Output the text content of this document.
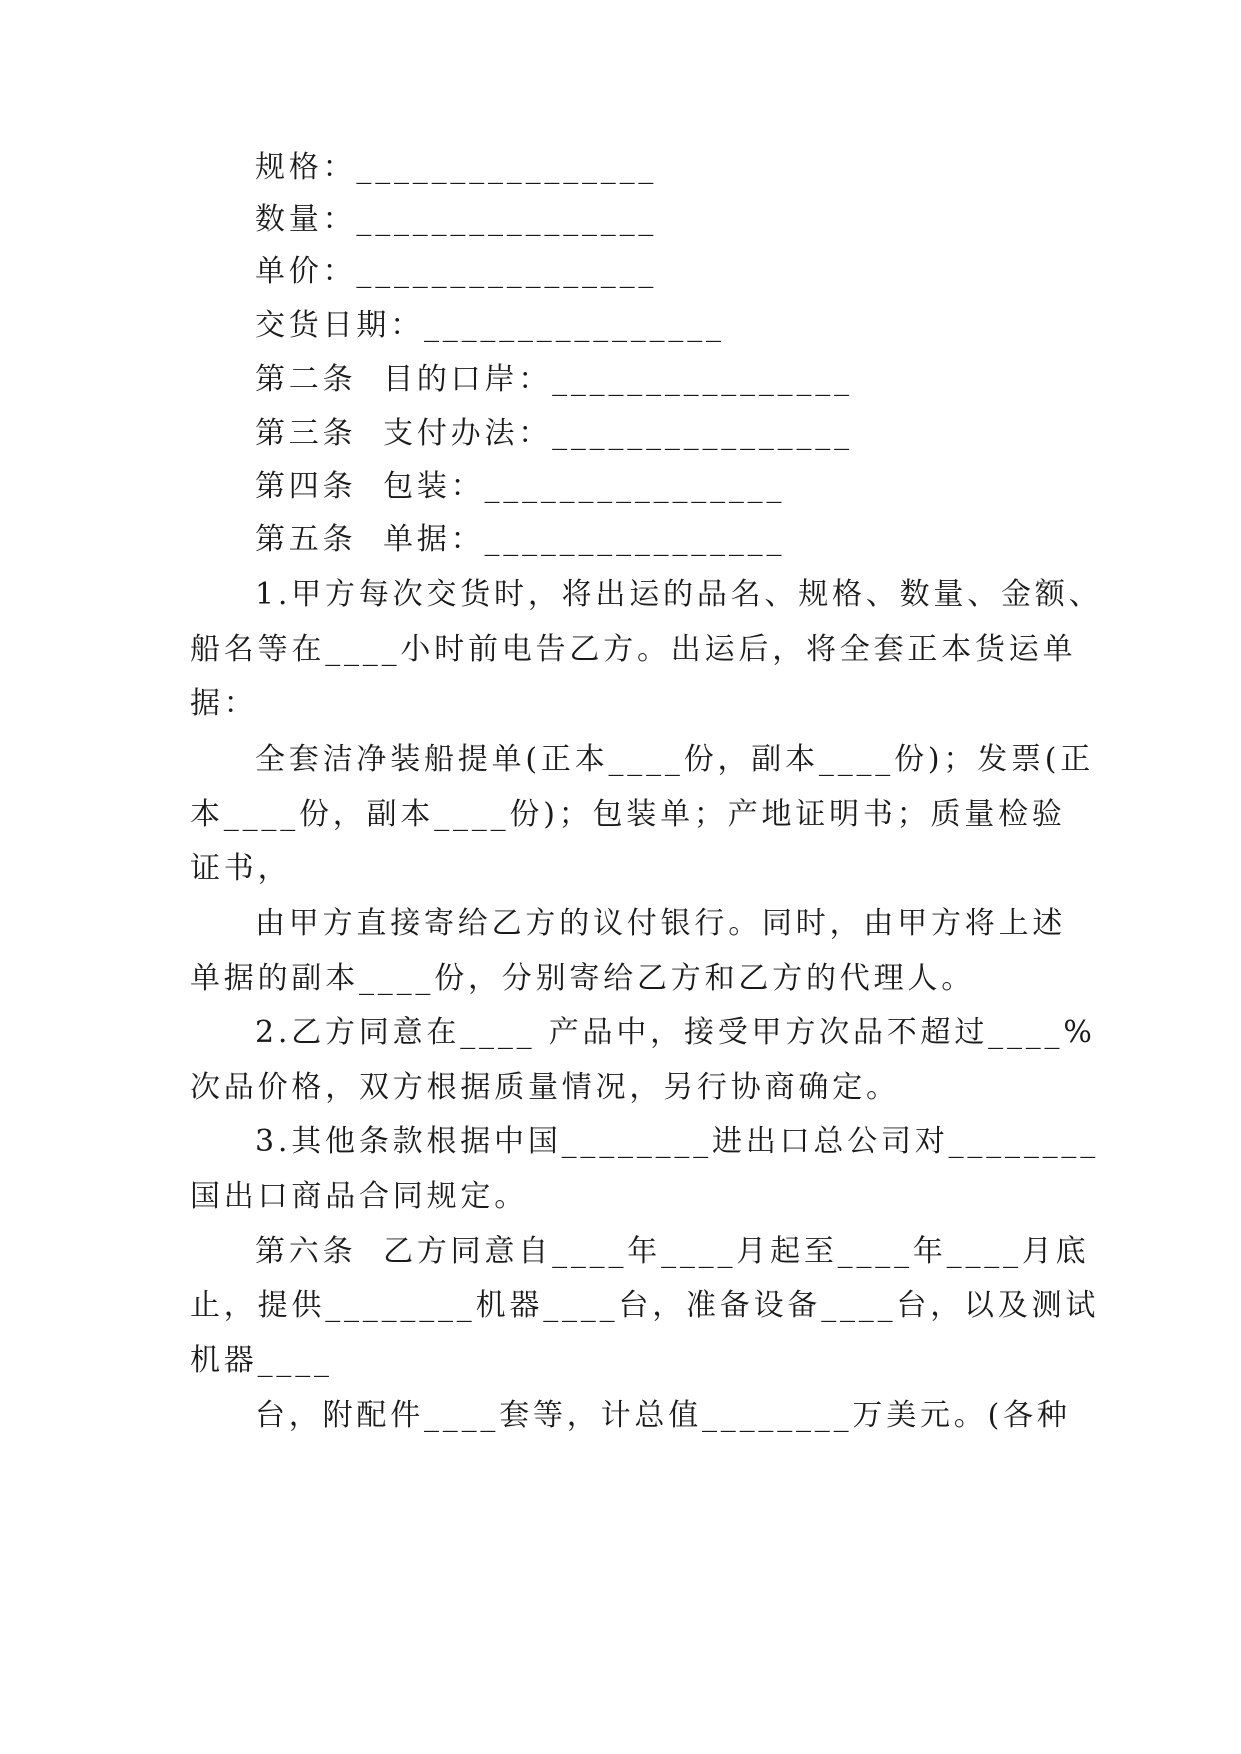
规格：________________
数量：________________
单价：________________
交货日期：________________
第二条  目的口岸：________________
第三条  支付办法：________________
第四条  包装：________________
第五条  单据：________________
1.甲方每次交货时，将出运的品名、规格、数量、金额、
船名等在____小时前电告乙方。出运后，将全套正本货运单
据：
全套洁净装船提单(正本____份，副本____份)；发票(正
本____份，副本____份)；包装单；产地证明书；质量检验
证书，
由甲方直接寄给乙方的议付银行。同时，由甲方将上述
单据的副本____份，分别寄给乙方和乙方的代理人。
2.乙方同意在____ 产品中，接受甲方次品不超过____%
次品价格，双方根据质量情况，另行协商确定。
3.其他条款根据中国________进出口总公司对________
国出口商品合同规定。
第六条  乙方同意自____年____月起至____年____月底
止，提供________机器____台，准备设备____台，以及测试
机器____
台，附配件____套等，计总值________万美元。(各种
